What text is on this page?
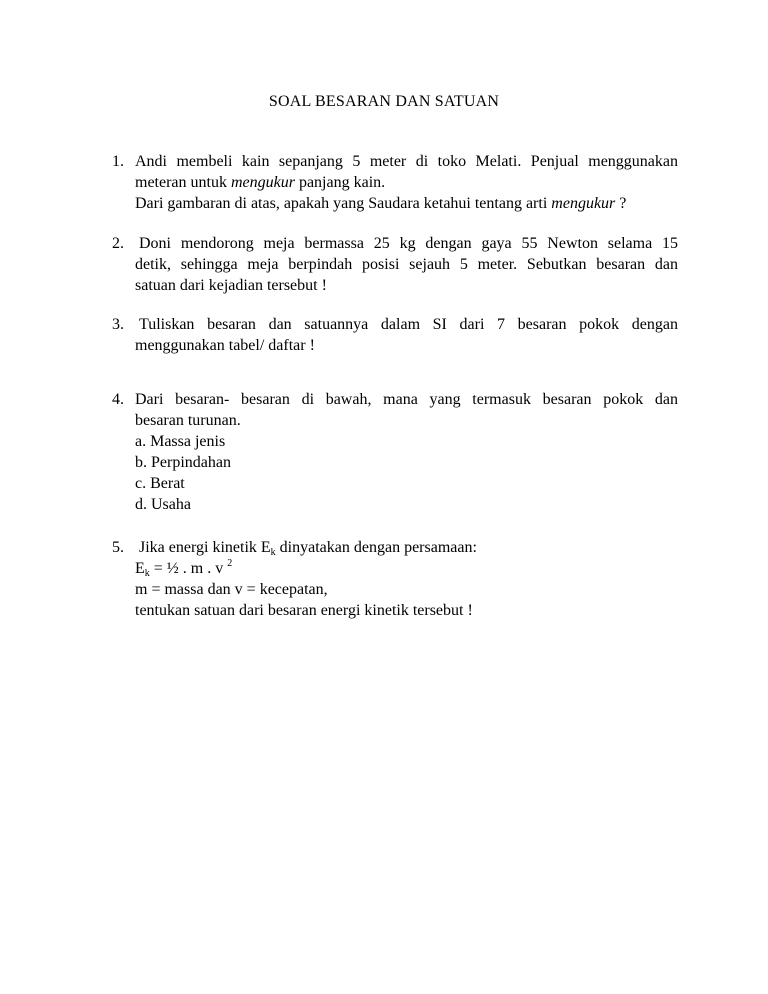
SOAL BESARAN DAN SATUAN
1. Andi membeli kain sepanjang 5 meter di toko Melati. Penjual menggunakan
meteran untuk mengukur panjang kain.
Dari gambaran di atas, apakah yang Saudara ketahui tentang arti mengukur ?
2. Doni mendorong meja bermassa 25 kg dengan gaya 55 Newton selama 15
detik, sehingga meja berpindah posisi sejauh 5 meter. Sebutkan besaran dan
satuan dari kejadian tersebut !
3. Tuliskan besaran dan satuannya dalam SI dari 7 besaran pokok dengan
menggunakan tabel/ daftar !
4. Dari besaran- besaran di bawah, mana yang termasuk besaran pokok dan
besaran turunan.
a. Massa jenis
b. Perpindahan
c. Berat
d. Usaha
5. Jika energi kinetik $E_k$ dinyatakan dengan persamaan:
$E_k$ = ½ . m . v $^2$
m = massa dan v = kecepatan,
tentukan satuan dari besaran energi kinetik tersebut !
